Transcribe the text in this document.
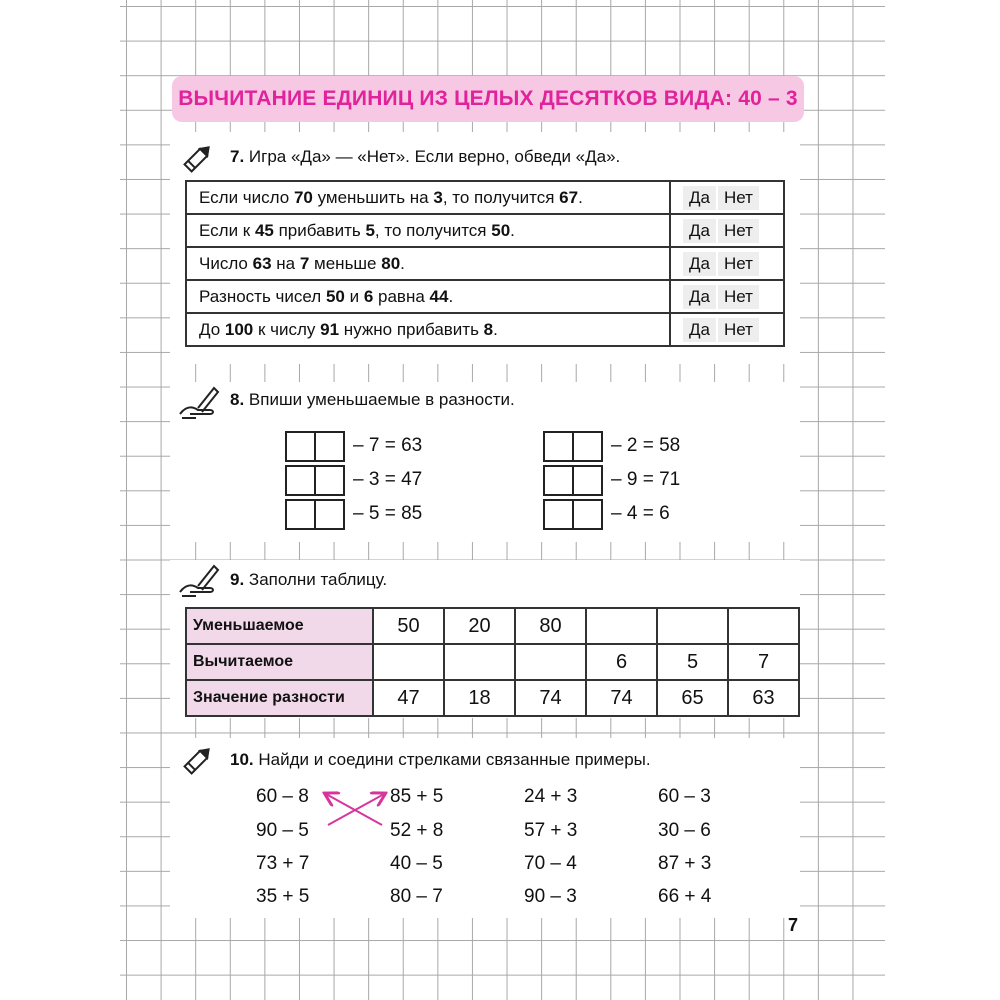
ВЫЧИТАНИЕ ЕДИНИЦ ИЗ ЦЕЛЫХ ДЕСЯТКОВ ВИДА: 40 – 3
7. Игра «Да» — «Нет». Если верно, обведи «Да».
Если число 70 уменьшить на 3, то получится 67.	Да Нет
Если к 45 прибавить 5, то получится 50.	Да Нет
Число 63 на 7 меньше 80.	Да Нет
Разность чисел 50 и 6 равна 44.	Да Нет
До 100 к числу 91 нужно прибавить 8.	Да Нет
8. Впиши уменьшаемые в разности.
– 7 = 63
– 3 = 47
– 5 = 85
– 2 = 58
– 9 = 71
– 4 = 6
9. Заполни таблицу.
Уменьшаемое	50	20	80			
Вычитаемое				6	5	7
Значение разности	47	18	74	74	65	63
10. Найди и соедини стрелками связанные примеры.
60 – 8
90 – 5
73 + 7
35 + 5
85 + 5
52 + 8
40 – 5
80 – 7
24 + 3
57 + 3
70 – 4
90 – 3
60 – 3
30 – 6
87 + 3
66 + 4
7
